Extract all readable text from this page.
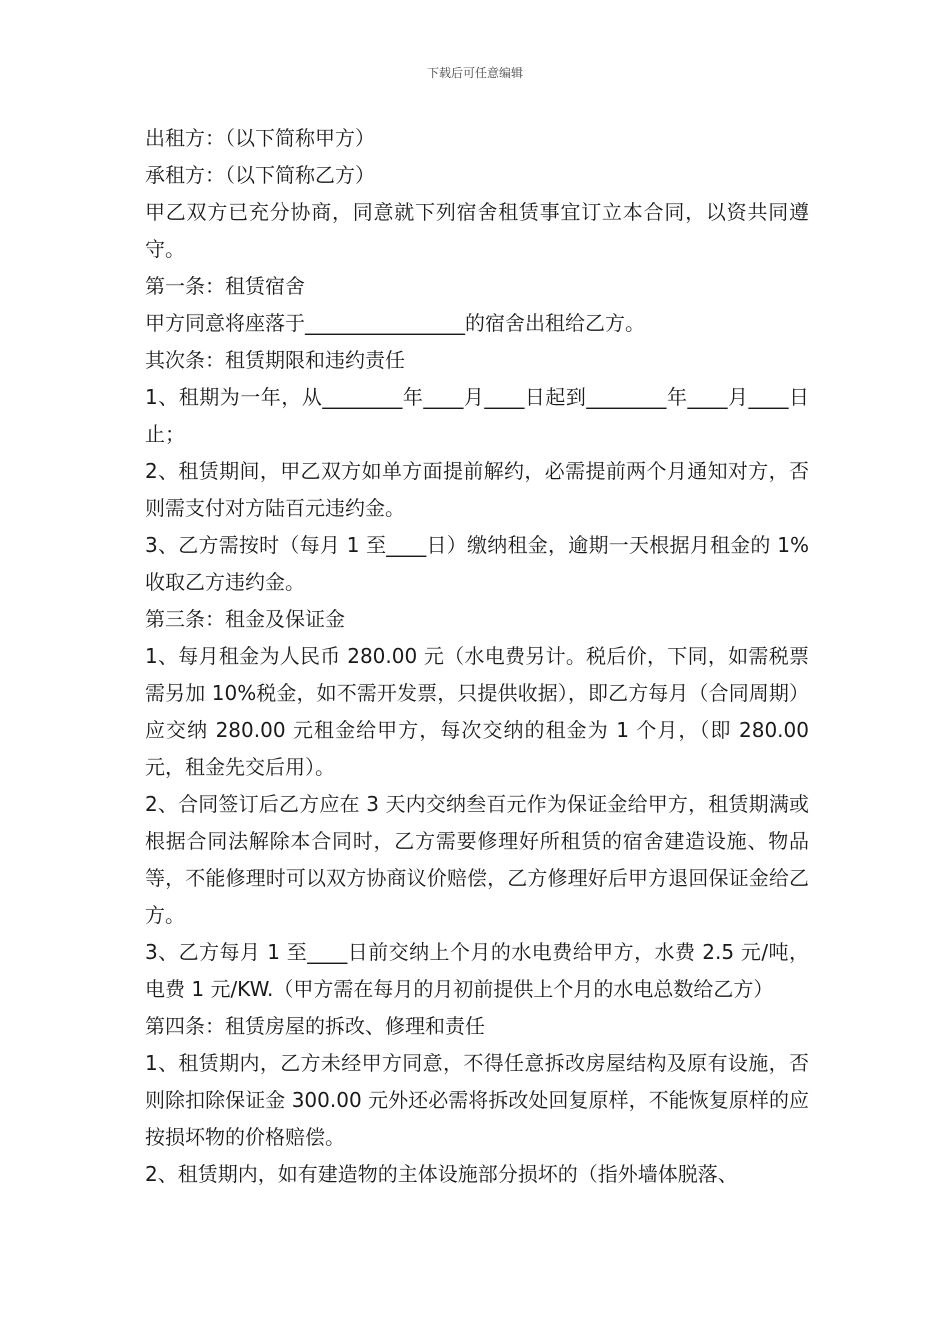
下载后可任意编辑

出租方：（以下简称甲方）

承租方：（以下简称乙方）

甲乙双方已充分协商，同意就下列宿舍租赁事宜订立本合同，以资共同遵守。

第一条：租赁宿舍

甲方同意将座落于________________的宿舍出租给乙方。

其次条：租赁期限和违约责任

1、租期为一年，从________年____月____日起到________年____月____日止；

2、租赁期间，甲乙双方如单方面提前解约，必需提前两个月通知对方，否则需支付对方陆百元违约金。

3、乙方需按时（每月 1 至____日）缴纳租金，逾期一天根据月租金的 1%收取乙方违约金。

第三条：租金及保证金

1、每月租金为人民币 280.00 元（水电费另计。税后价，下同，如需税票需另加 10%税金，如不需开发票，只提供收据），即乙方每月（合同周期）应交纳 280.00 元租金给甲方，每次交纳的租金为 1 个月，（即 280.00 元，租金先交后用）。

2、合同签订后乙方应在 3 天内交纳叁百元作为保证金给甲方，租赁期满或根据合同法解除本合同时，乙方需要修理好所租赁的宿舍建造设施、物品等，不能修理时可以双方协商议价赔偿，乙方修理好后甲方退回保证金给乙方。

3、乙方每月 1 至____日前交纳上个月的水电费给甲方，水费 2.5 元/吨，电费 1 元/KW.（甲方需在每月的月初前提供上个月的水电总数给乙方）

第四条：租赁房屋的拆改、修理和责任

1、租赁期内，乙方未经甲方同意，不得任意拆改房屋结构及原有设施，否则除扣除保证金 300.00 元外还必需将拆改处回复原样，不能恢复原样的应按损坏物的价格赔偿。

2、租赁期内，如有建造物的主体设施部分损坏的（指外墙体脱落、
